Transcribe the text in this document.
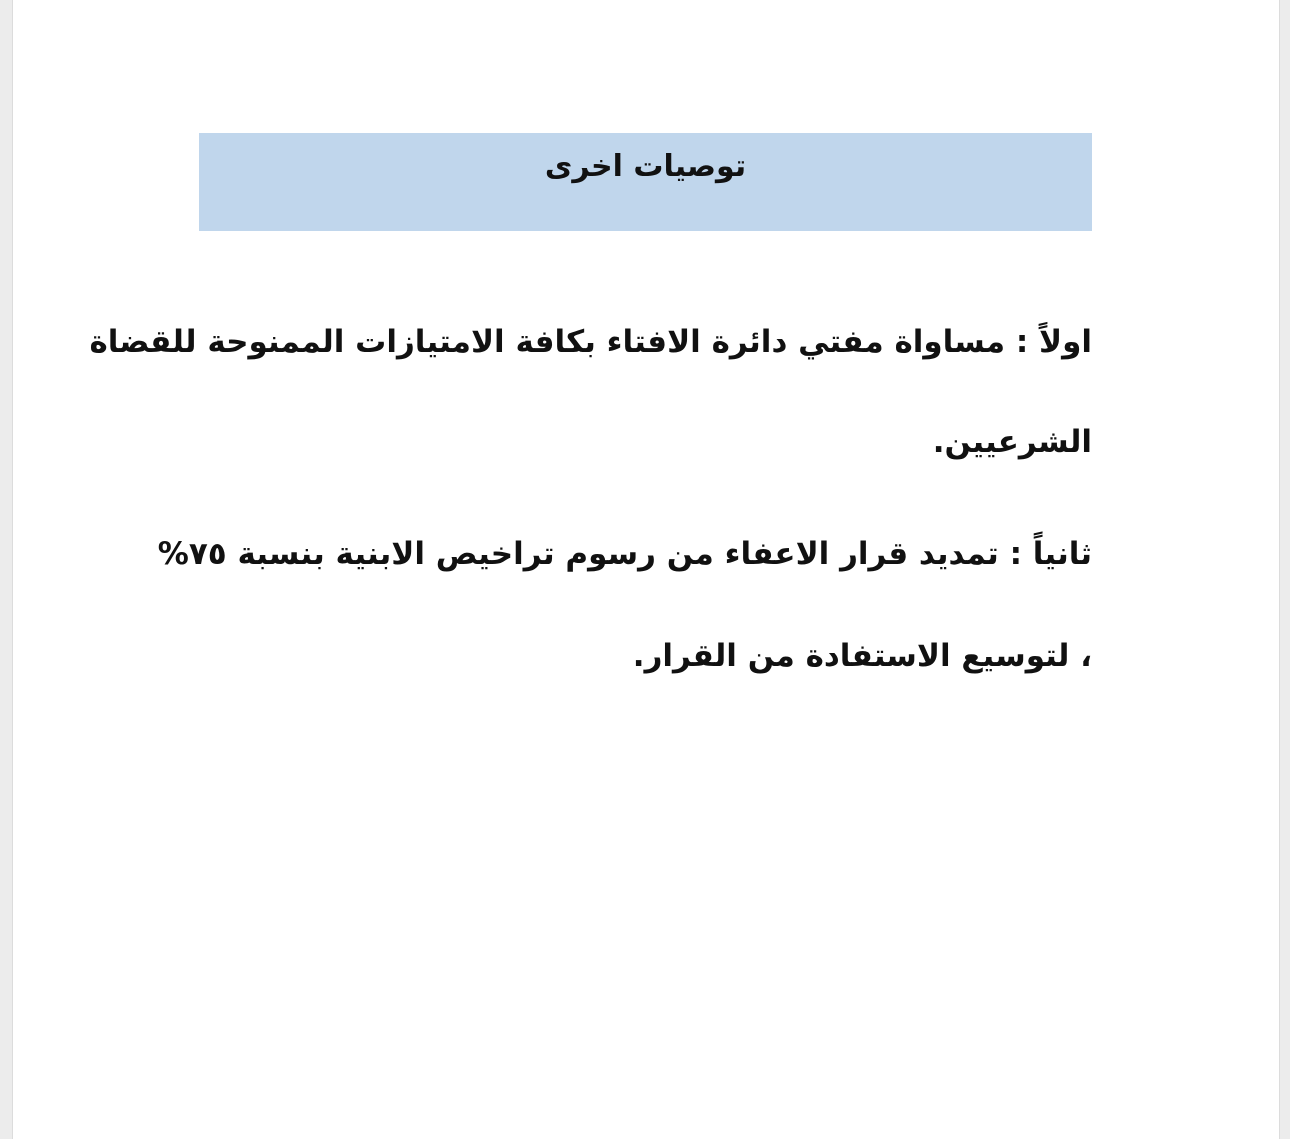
توصيات اخرى
اولاً : مساواة مفتي دائرة الافتاء بكافة الامتيازات الممنوحة للقضاة
الشرعيين.
ثانياً : تمديد قرار الاعفاء من رسوم تراخيص الابنية بنسبة ٧٥%
، لتوسيع الاستفادة من القرار.
